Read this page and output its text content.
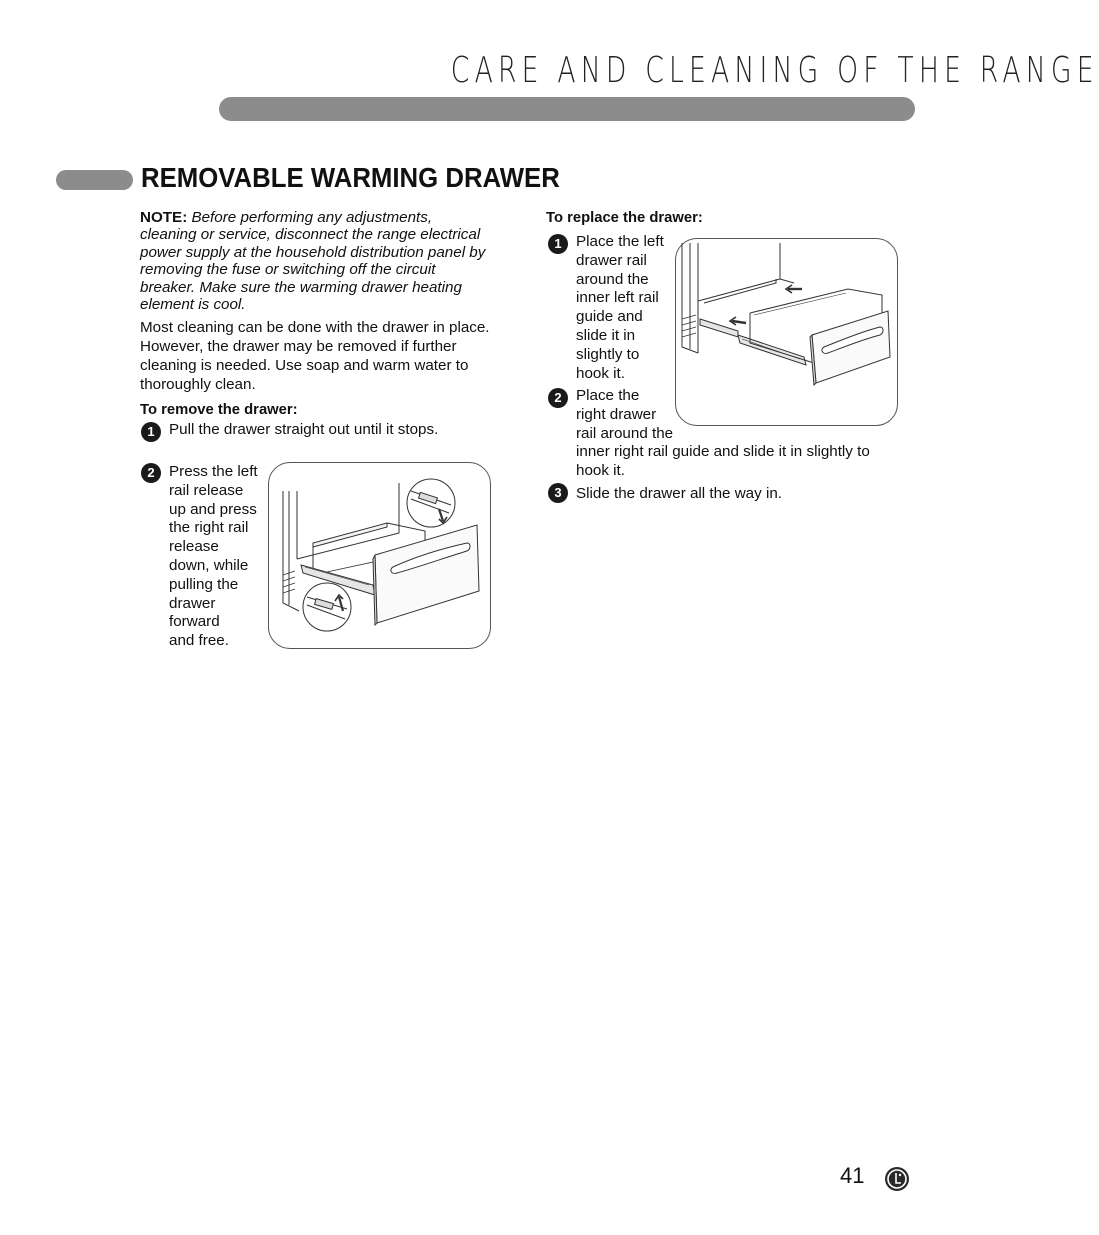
CARE AND CLEANING OF THE RANGE
REMOVABLE WARMING DRAWER

NOTE: Before performing any adjustments, cleaning or service, disconnect the range electrical power supply at the household distribution panel by removing the fuse or switching off the circuit breaker. Make sure the warming drawer heating element is cool.

Most cleaning can be done with the drawer in place. However, the drawer may be removed if further cleaning is needed. Use soap and warm water to thoroughly clean.

To remove the drawer:

1 Pull the drawer straight out until it stops.
2 Press the left
rail release
up and press
the right rail
release
down, while
pulling the
drawer
forward
and free.
To replace the drawer:
1 Place the left
drawer rail
around the
inner left rail
guide and
slide it in
slightly to
hook it.
2 Place the
right drawer
rail around the
inner right rail guide and slide it in slightly to
hook it.
3 Slide the drawer all the way in.
41
